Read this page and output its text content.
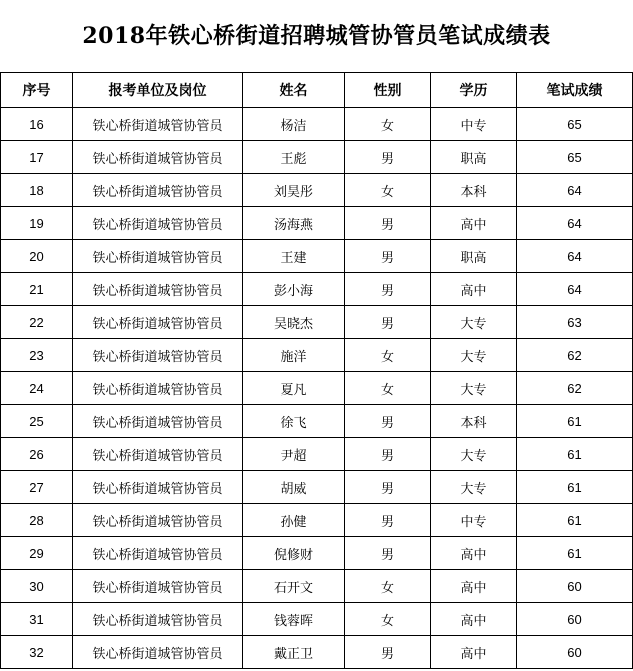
2018年铁心桥街道招聘城管协管员笔试成绩表
序号	报考单位及岗位	姓名	性别	学历	笔试成绩
16	铁心桥街道城管协管员	杨洁	女	中专	65
17	铁心桥街道城管协管员	王彪	男	职高	65
18	铁心桥街道城管协管员	刘昊彤	女	本科	64
19	铁心桥街道城管协管员	汤海燕	男	高中	64
20	铁心桥街道城管协管员	王建	男	职高	64
21	铁心桥街道城管协管员	彭小海	男	高中	64
22	铁心桥街道城管协管员	吴晓杰	男	大专	63
23	铁心桥街道城管协管员	施洋	女	大专	62
24	铁心桥街道城管协管员	夏凡	女	大专	62
25	铁心桥街道城管协管员	徐飞	男	本科	61
26	铁心桥街道城管协管员	尹超	男	大专	61
27	铁心桥街道城管协管员	胡威	男	大专	61
28	铁心桥街道城管协管员	孙健	男	中专	61
29	铁心桥街道城管协管员	倪修财	男	高中	61
30	铁心桥街道城管协管员	石开文	女	高中	60
31	铁心桥街道城管协管员	钱蓉晖	女	高中	60
32	铁心桥街道城管协管员	戴正卫	男	高中	60
